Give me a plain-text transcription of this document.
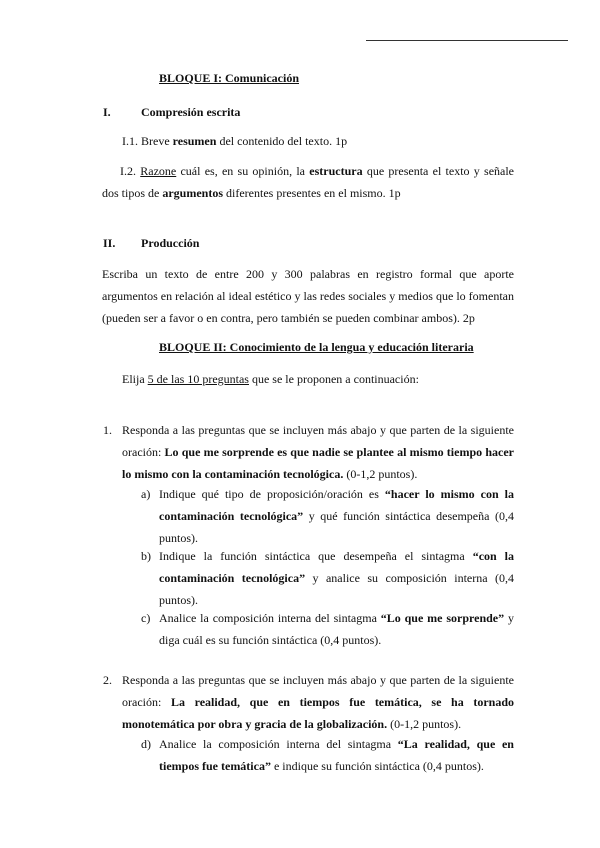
BLOQUE I: Comunicación
I.	Compresión escrita
I.1. Breve resumen del contenido del texto. 1p
I.2. Razone cuál es, en su opinión, la estructura que presenta el texto y señale dos tipos de argumentos diferentes presentes en el mismo. 1p
II. Producción
Escriba un texto de entre 200 y 300 palabras en registro formal que aporte argumentos en relación al ideal estético y las redes sociales y medios que lo fomentan (pueden ser a favor o en contra, pero también se pueden combinar ambos). 2p
BLOQUE II: Conocimiento de la lengua y educación literaria
Elija 5 de las 10 preguntas que se le proponen a continuación:
1. Responda a las preguntas que se incluyen más abajo y que parten de la siguiente oración: Lo que me sorprende es que nadie se plantee al mismo tiempo hacer lo mismo con la contaminación tecnológica. (0-1,2 puntos).
a) Indique qué tipo de proposición/oración es “hacer lo mismo con la contaminación tecnológica” y qué función sintáctica desempeña (0,4 puntos).
b) Indique la función sintáctica que desempeña el sintagma “con la contaminación tecnológica” y analice su composición interna (0,4 puntos).
c) Analice la composición interna del sintagma “Lo que me sorprende” y diga cuál es su función sintáctica (0,4 puntos).
2. Responda a las preguntas que se incluyen más abajo y que parten de la siguiente oración: La realidad, que en tiempos fue temática, se ha tornado monotemática por obra y gracia de la globalización. (0-1,2 puntos).
d) Analice la composición interna del sintagma “La realidad, que en tiempos fue temática” e indique su función sintáctica (0,4 puntos).
